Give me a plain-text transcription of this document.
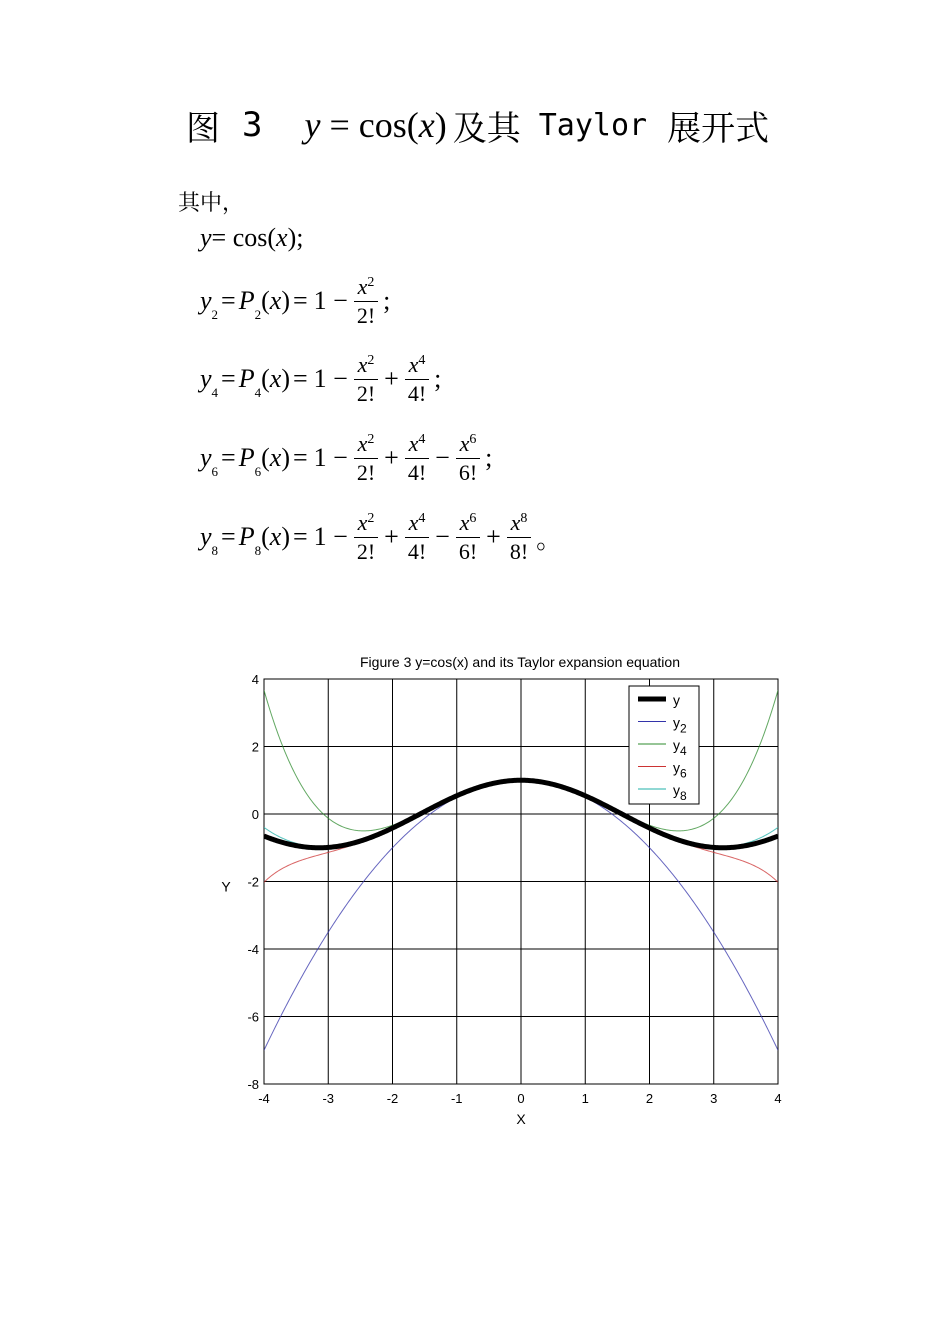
图 3 y = cos(x) 及其 Taylor 展开式
其中，
y = cos( x );
$y_2 = P_2$ ( x ) = $1 - \frac{x^2}{2!}$ ;
$y_4 = P_4$ ( x ) = $1 - \frac{x^2}{2!} + \frac{x^4}{4!}$ ;
$y_6 = P_6$ ( x ) = $1 - \frac{x^2}{2!} + \frac{x^4}{4!} - \frac{x^6}{6!}$ ;
$y_8 = P_8$ ( x ) = $1 - \frac{x^2}{2!} + \frac{x^4}{4!} - \frac{x^6}{6!} + \frac{x^8}{8!}$ 。
Figure 3 y=cos(x) and its Taylor expansion equation
-4	-3	-2	-1	0	1	2	3	4
-8
-6
-4
-2
0
2
4
X
Y
y
y2
y4
y6
y8
